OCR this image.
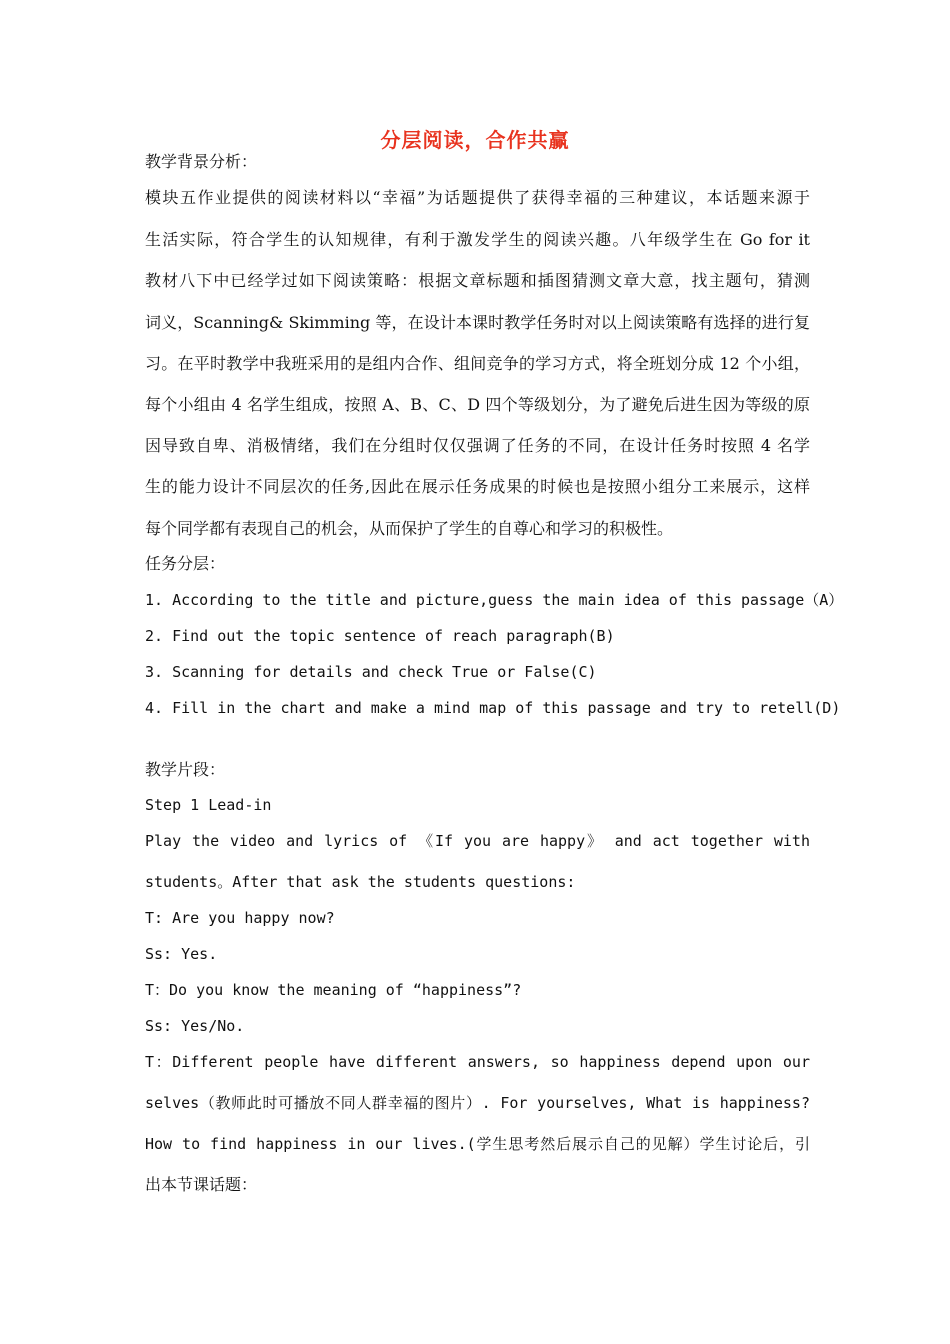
分层阅读，合作共赢
教学背景分析：
模块五作业提供的阅读材料以“幸福”为话题提供了获得幸福的三种建议，本话题来源于
生活实际，符合学生的认知规律，有利于激发学生的阅读兴趣。八年级学生在 Go for it
教材八下中已经学过如下阅读策略：根据文章标题和插图猜测文章大意，找主题句，猜测
词义，Scanning& Skimming 等，在设计本课时教学任务时对以上阅读策略有选择的进行复
习。在平时教学中我班采用的是组内合作、组间竞争的学习方式，将全班划分成 12 个小组，
每个小组由 4 名学生组成，按照 A、B、C、D 四个等级划分，为了避免后进生因为等级的原
因导致自卑、消极情绪，我们在分组时仅仅强调了任务的不同，在设计任务时按照 4 名学
生的能力设计不同层次的任务,因此在展示任务成果的时候也是按照小组分工来展示，这样
每个同学都有表现自己的机会，从而保护了学生的自尊心和学习的积极性。
任务分层：
1. According to the title and picture,guess the main idea of this passage（A）
2. Find out the topic sentence of reach paragraph(B)
3. Scanning for details and check True or False(C)
4. Fill in the chart and make a mind map of this passage and try to retell(D)
教学片段：
Step 1 Lead-in
Play the video and lyrics of 《If you are happy》 and act together with
students。After that ask the students questions:
T: Are you happy now?
Ss: Yes.
T：Do you know the meaning of “happiness”?
Ss: Yes/No.
T：Different people have different answers, so happiness depend upon our
selves（教师此时可播放不同人群幸福的图片）. For yourselves, What is happiness?
How to find happiness in our lives.(学生思考然后展示自己的见解）学生讨论后，引
出本节课话题：
